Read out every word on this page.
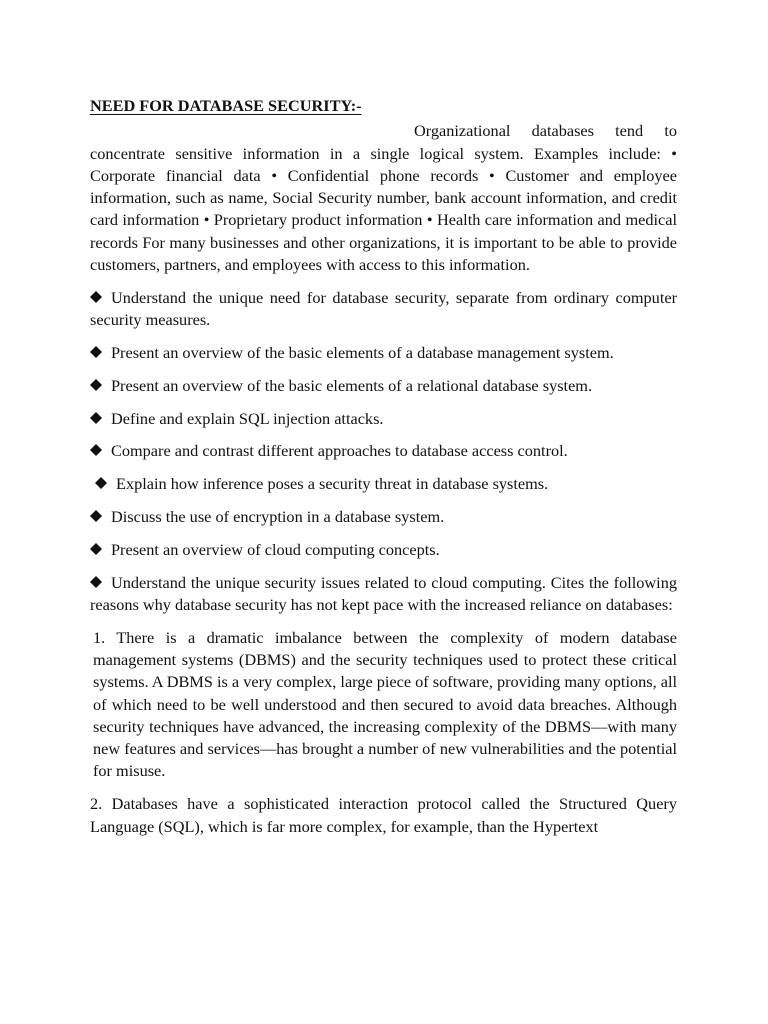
NEED FOR DATABASE SECURITY:-

Organizational databases tend to concentrate sensitive information in a single logical system. Examples include: • Corporate financial data • Confidential phone records • Customer and employee information, such as name, Social Security number, bank account information, and credit card information • Proprietary product information • Health care information and medical records For many businesses and other organizations, it is important to be able to provide customers, partners, and employees with access to this information.

Understand the unique need for database security, separate from ordinary computer security measures.

Present an overview of the basic elements of a database management system.

Present an overview of the basic elements of a relational database system.

Define and explain SQL injection attacks.

Compare and contrast different approaches to database access control.

Explain how inference poses a security threat in database systems.

Discuss the use of encryption in a database system.

Present an overview of cloud computing concepts.

Understand the unique security issues related to cloud computing. Cites the following reasons why database security has not kept pace with the increased reliance on databases:

1. There is a dramatic imbalance between the complexity of modern database management systems (DBMS) and the security techniques used to protect these critical systems. A DBMS is a very complex, large piece of software, providing many options, all of which need to be well understood and then secured to avoid data breaches. Although security techniques have advanced, the increasing complexity of the DBMS—with many new features and services—has brought a number of new vulnerabilities and the potential for misuse.

2. Databases have a sophisticated interaction protocol called the Structured Query Language (SQL), which is far more complex, for example, than the Hypertext
